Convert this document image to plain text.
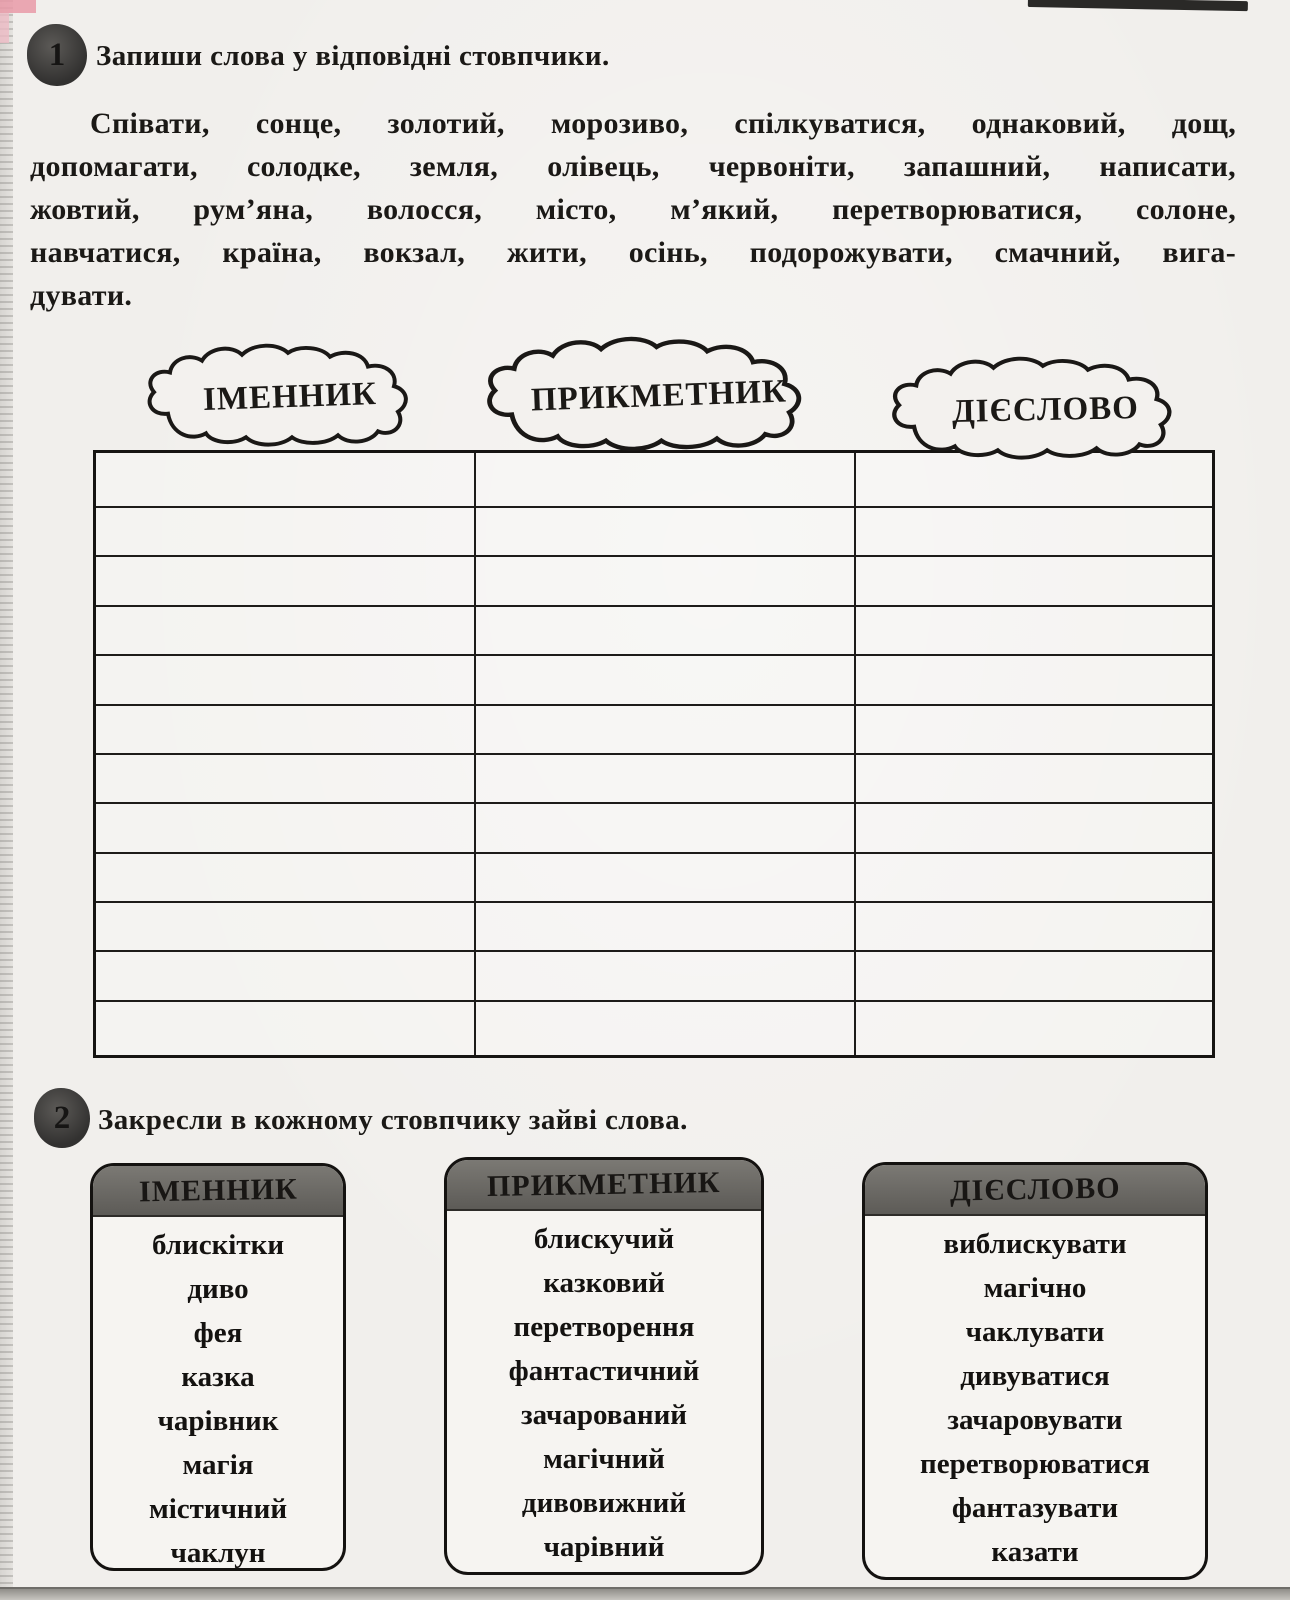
1 Запиши слова у відповідні стовпчики.
Співати, сонце, золотий, морозиво, спілкуватися, однаковий, дощ,
допомагати, солодке, земля, олівець, червоніти, запашний, написати,
жовтий, рум’яна, волосся, місто, м’який, перетворюватися, солоне,
навчатися, країна, вокзал, жити, осінь, подорожувати, смачний, вига-
дувати.
ІМЕННИК	ПРИКМЕТНИК	ДІЄСЛОВО

2 Закресли в кожному стовпчику зайві слова.
ІМЕННИК
блискітки
диво
фея
казка
чарівник
магія
містичний
чаклун
ПРИКМЕТНИК
блискучий
казковий
перетворення
фантастичний
зачарований
магічний
дивовижний
чарівний
ДІЄСЛОВО
виблискувати
магічно
чаклувати
дивуватися
зачаровувати
перетворюватися
фантазувати
казати
